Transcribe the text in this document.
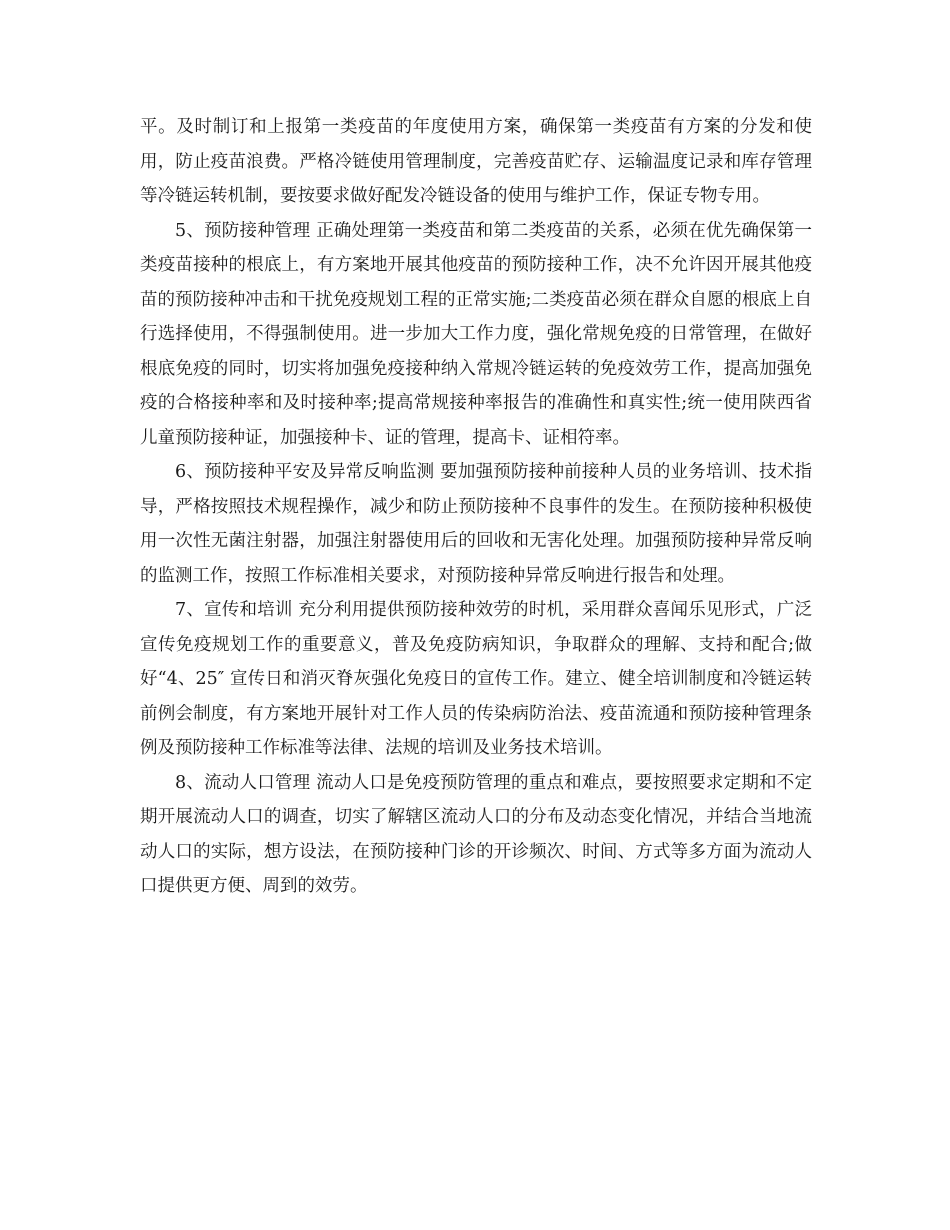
平。及时制订和上报第一类疫苗的年度使用方案，确保第一类疫苗有方案的分发和使用，防止疫苗浪费。严格冷链使用管理制度，完善疫苗贮存、运输温度记录和库存管理等冷链运转机制，要按要求做好配发冷链设备的使用与维护工作，保证专物专用。

5、预防接种管理 正确处理第一类疫苗和第二类疫苗的关系，必须在优先确保第一类疫苗接种的根底上，有方案地开展其他疫苗的预防接种工作，决不允许因开展其他疫苗的预防接种冲击和干扰免疫规划工程的正常实施;二类疫苗必须在群众自愿的根底上自行选择使用，不得强制使用。进一步加大工作力度，强化常规免疫的日常管理，在做好根底免疫的同时，切实将加强免疫接种纳入常规冷链运转的免疫效劳工作，提高加强免疫的合格接种率和及时接种率;提高常规接种率报告的准确性和真实性;统一使用陕西省儿童预防接种证，加强接种卡、证的管理，提高卡、证相符率。

6、预防接种平安及异常反响监测 要加强预防接种前接种人员的业务培训、技术指导，严格按照技术规程操作，减少和防止预防接种不良事件的发生。在预防接种积极使用一次性无菌注射器，加强注射器使用后的回收和无害化处理。加强预防接种异常反响的监测工作，按照工作标准相关要求，对预防接种异常反响进行报告和处理。

7、宣传和培训 充分利用提供预防接种效劳的时机，采用群众喜闻乐见形式，广泛宣传免疫规划工作的重要意义，普及免疫防病知识，争取群众的理解、支持和配合;做好“4、25″ 宣传日和消灭脊灰强化免疫日的宣传工作。建立、健全培训制度和冷链运转前例会制度，有方案地开展针对工作人员的传染病防治法、疫苗流通和预防接种管理条例及预防接种工作标准等法律、法规的培训及业务技术培训。

8、流动人口管理 流动人口是免疫预防管理的重点和难点，要按照要求定期和不定期开展流动人口的调查，切实了解辖区流动人口的分布及动态变化情况，并结合当地流动人口的实际，想方设法，在预防接种门诊的开诊频次、时间、方式等多方面为流动人口提供更方便、周到的效劳。
